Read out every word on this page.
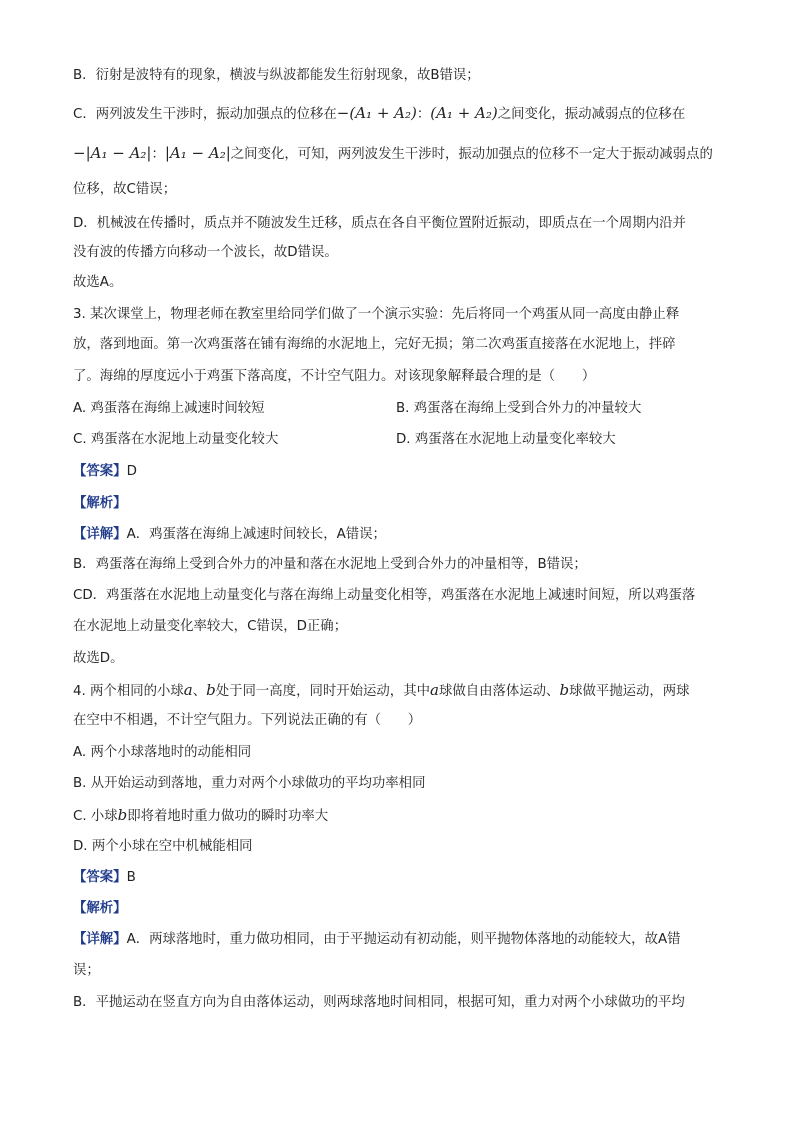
B．衍射是波特有的现象，横波与纵波都能发生衍射现象，故B错误；
C．两列波发生干涉时，振动加强点的位移在−(A₁ + A₂)：(A₁ + A₂)之间变化，振动减弱点的位移在
−|A₁ − A₂|：|A₁ − A₂|之间变化，可知，两列波发生干涉时，振动加强点的位移不一定大于振动减弱点的
位移，故C错误；
D．机械波在传播时，质点并不随波发生迁移，质点在各自平衡位置附近振动，即质点在一个周期内沿并
没有波的传播方向移动一个波长，故D错误。
故选A。
3. 某次课堂上，物理老师在教室里给同学们做了一个演示实验：先后将同一个鸡蛋从同一高度由静止释
放，落到地面。第一次鸡蛋落在铺有海绵的水泥地上，完好无损；第二次鸡蛋直接落在水泥地上，拌碎
了。海绵的厚度远小于鸡蛋下落高度，不计空气阻力。对该现象解释最合理的是（　　）
A. 鸡蛋落在海绵上减速时间较短	B. 鸡蛋落在海绵上受到合外力的冲量较大
C. 鸡蛋落在水泥地上动量变化较大	D. 鸡蛋落在水泥地上动量变化率较大
【答案】D
【解析】
【详解】A．鸡蛋落在海绵上减速时间较长，A错误；
B．鸡蛋落在海绵上受到合外力的冲量和落在水泥地上受到合外力的冲量相等，B错误；
CD．鸡蛋落在水泥地上动量变化与落在海绵上动量变化相等，鸡蛋落在水泥地上减速时间短，所以鸡蛋落
在水泥地上动量变化率较大，C错误，D正确；
故选D。
4. 两个相同的小球a、b处于同一高度，同时开始运动，其中a球做自由落体运动、b球做平抛运动，两球
在空中不相遇，不计空气阻力。下列说法正确的有（　　）
A. 两个小球落地时的动能相同
B. 从开始运动到落地，重力对两个小球做功的平均功率相同
C. 小球b即将着地时重力做功的瞬时功率大
D. 两个小球在空中机械能相同
【答案】B
【解析】
【详解】A．两球落地时，重力做功相同，由于平抛运动有初动能，则平抛物体落地的动能较大，故A错
误；
B．平抛运动在竖直方向为自由落体运动，则两球落地时间相同，根据可知，重力对两个小球做功的平均
